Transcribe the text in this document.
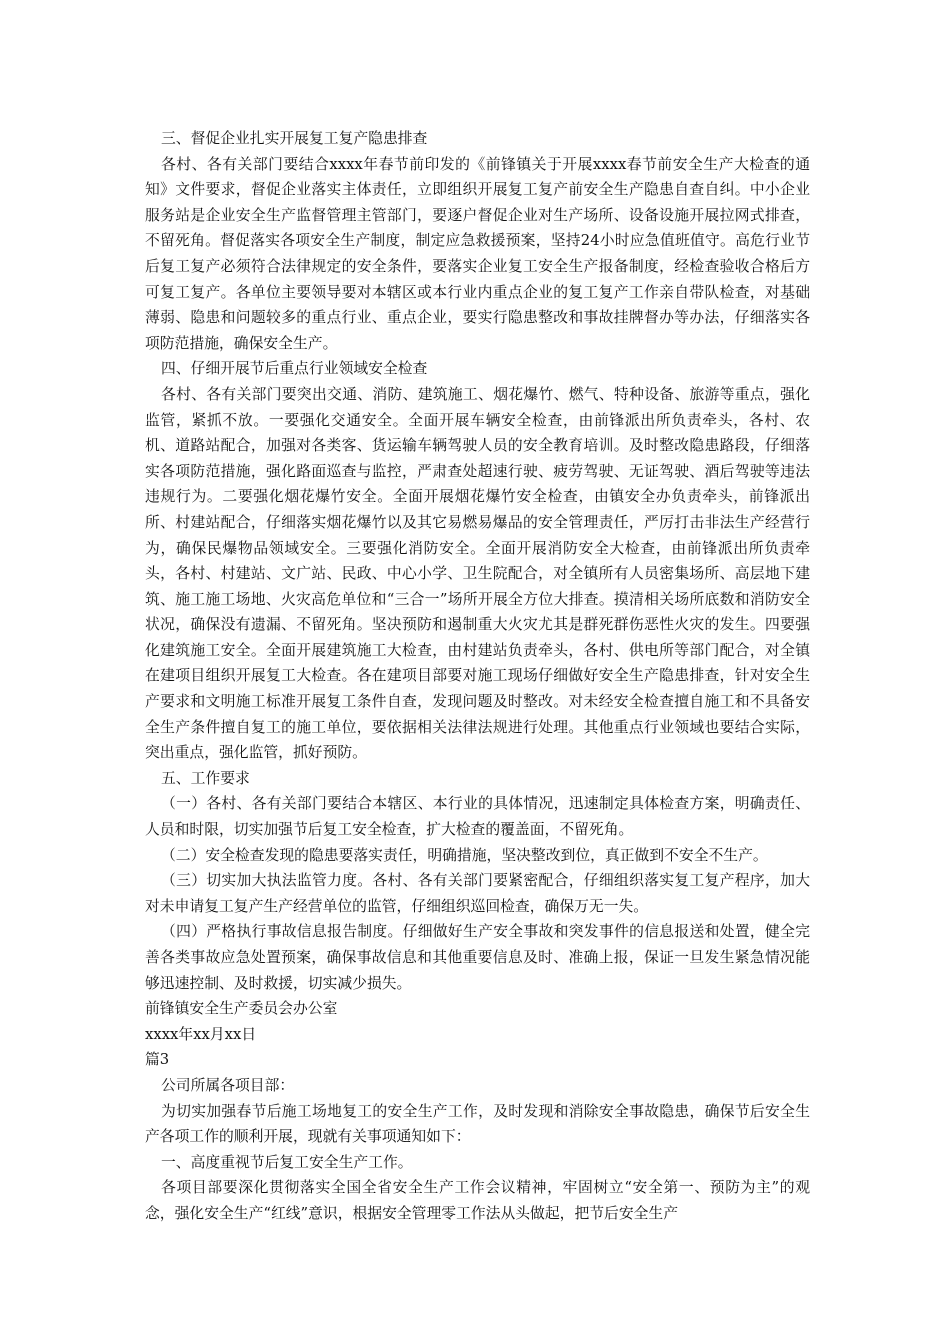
三、督促企业扎实开展复工复产隐患排查

各村、各有关部门要结合xxxx年春节前印发的《前锋镇关于开展xxxx春节前安全生产大检查的通知》文件要求，督促企业落实主体责任，立即组织开展复工复产前安全生产隐患自查自纠。中小企业服务站是企业安全生产监督管理主管部门，要逐户督促企业对生产场所、设备设施开展拉网式排查，不留死角。督促落实各项安全生产制度，制定应急救援预案，坚持24小时应急值班值守。高危行业节后复工复产必须符合法律规定的安全条件，要落实企业复工安全生产报备制度，经检查验收合格后方可复工复产。各单位主要领导要对本辖区或本行业内重点企业的复工复产工作亲自带队检查，对基础薄弱、隐患和问题较多的重点行业、重点企业，要实行隐患整改和事故挂牌督办等办法，仔细落实各项防范措施，确保安全生产。

四、仔细开展节后重点行业领域安全检查

各村、各有关部门要突出交通、消防、建筑施工、烟花爆竹、燃气、特种设备、旅游等重点，强化监管，紧抓不放。一要强化交通安全。全面开展车辆安全检查，由前锋派出所负责牵头，各村、农机、道路站配合，加强对各类客、货运输车辆驾驶人员的安全教育培训。及时整改隐患路段，仔细落实各项防范措施，强化路面巡查与监控，严肃查处超速行驶、疲劳驾驶、无证驾驶、酒后驾驶等违法违规行为。二要强化烟花爆竹安全。全面开展烟花爆竹安全检查，由镇安全办负责牵头，前锋派出所、村建站配合，仔细落实烟花爆竹以及其它易燃易爆品的安全管理责任，严厉打击非法生产经营行为，确保民爆物品领域安全。三要强化消防安全。全面开展消防安全大检查，由前锋派出所负责牵头，各村、村建站、文广站、民政、中心小学、卫生院配合，对全镇所有人员密集场所、高层地下建筑、施工施工场地、火灾高危单位和“三合一”场所开展全方位大排查。摸清相关场所底数和消防安全状况，确保没有遗漏、不留死角。坚决预防和遏制重大火灾尤其是群死群伤恶性火灾的发生。四要强化建筑施工安全。全面开展建筑施工大检查，由村建站负责牵头，各村、供电所等部门配合，对全镇在建项目组织开展复工大检查。各在建项目部要对施工现场仔细做好安全生产隐患排查，针对安全生产要求和文明施工标准开展复工条件自查，发现问题及时整改。对未经安全检查擅自施工和不具备安全生产条件擅自复工的施工单位，要依据相关法律法规进行处理。其他重点行业领域也要结合实际，突出重点，强化监管，抓好预防。

五、工作要求

（一）各村、各有关部门要结合本辖区、本行业的具体情况，迅速制定具体检查方案，明确责任、人员和时限，切实加强节后复工安全检查，扩大检查的覆盖面，不留死角。

（二）安全检查发现的隐患要落实责任，明确措施，坚决整改到位，真正做到不安全不生产。

（三）切实加大执法监管力度。各村、各有关部门要紧密配合，仔细组织落实复工复产程序，加大对未申请复工复产生产经营单位的监管，仔细组织巡回检查，确保万无一失。

（四）严格执行事故信息报告制度。仔细做好生产安全事故和突发事件的信息报送和处置，健全完善各类事故应急处置预案，确保事故信息和其他重要信息及时、准确上报，保证一旦发生紧急情况能够迅速控制、及时救援，切实减少损失。

前锋镇安全生产委员会办公室

xxxx年xx月xx日

篇3

公司所属各项目部：

为切实加强春节后施工场地复工的安全生产工作，及时发现和消除安全事故隐患，确保节后安全生产各项工作的顺利开展，现就有关事项通知如下：

一、高度重视节后复工安全生产工作。

各项目部要深化贯彻落实全国全省安全生产工作会议精神，牢固树立“安全第一、预防为主”的观念，强化安全生产“红线”意识，根据安全管理零工作法从头做起，把节后安全生产
